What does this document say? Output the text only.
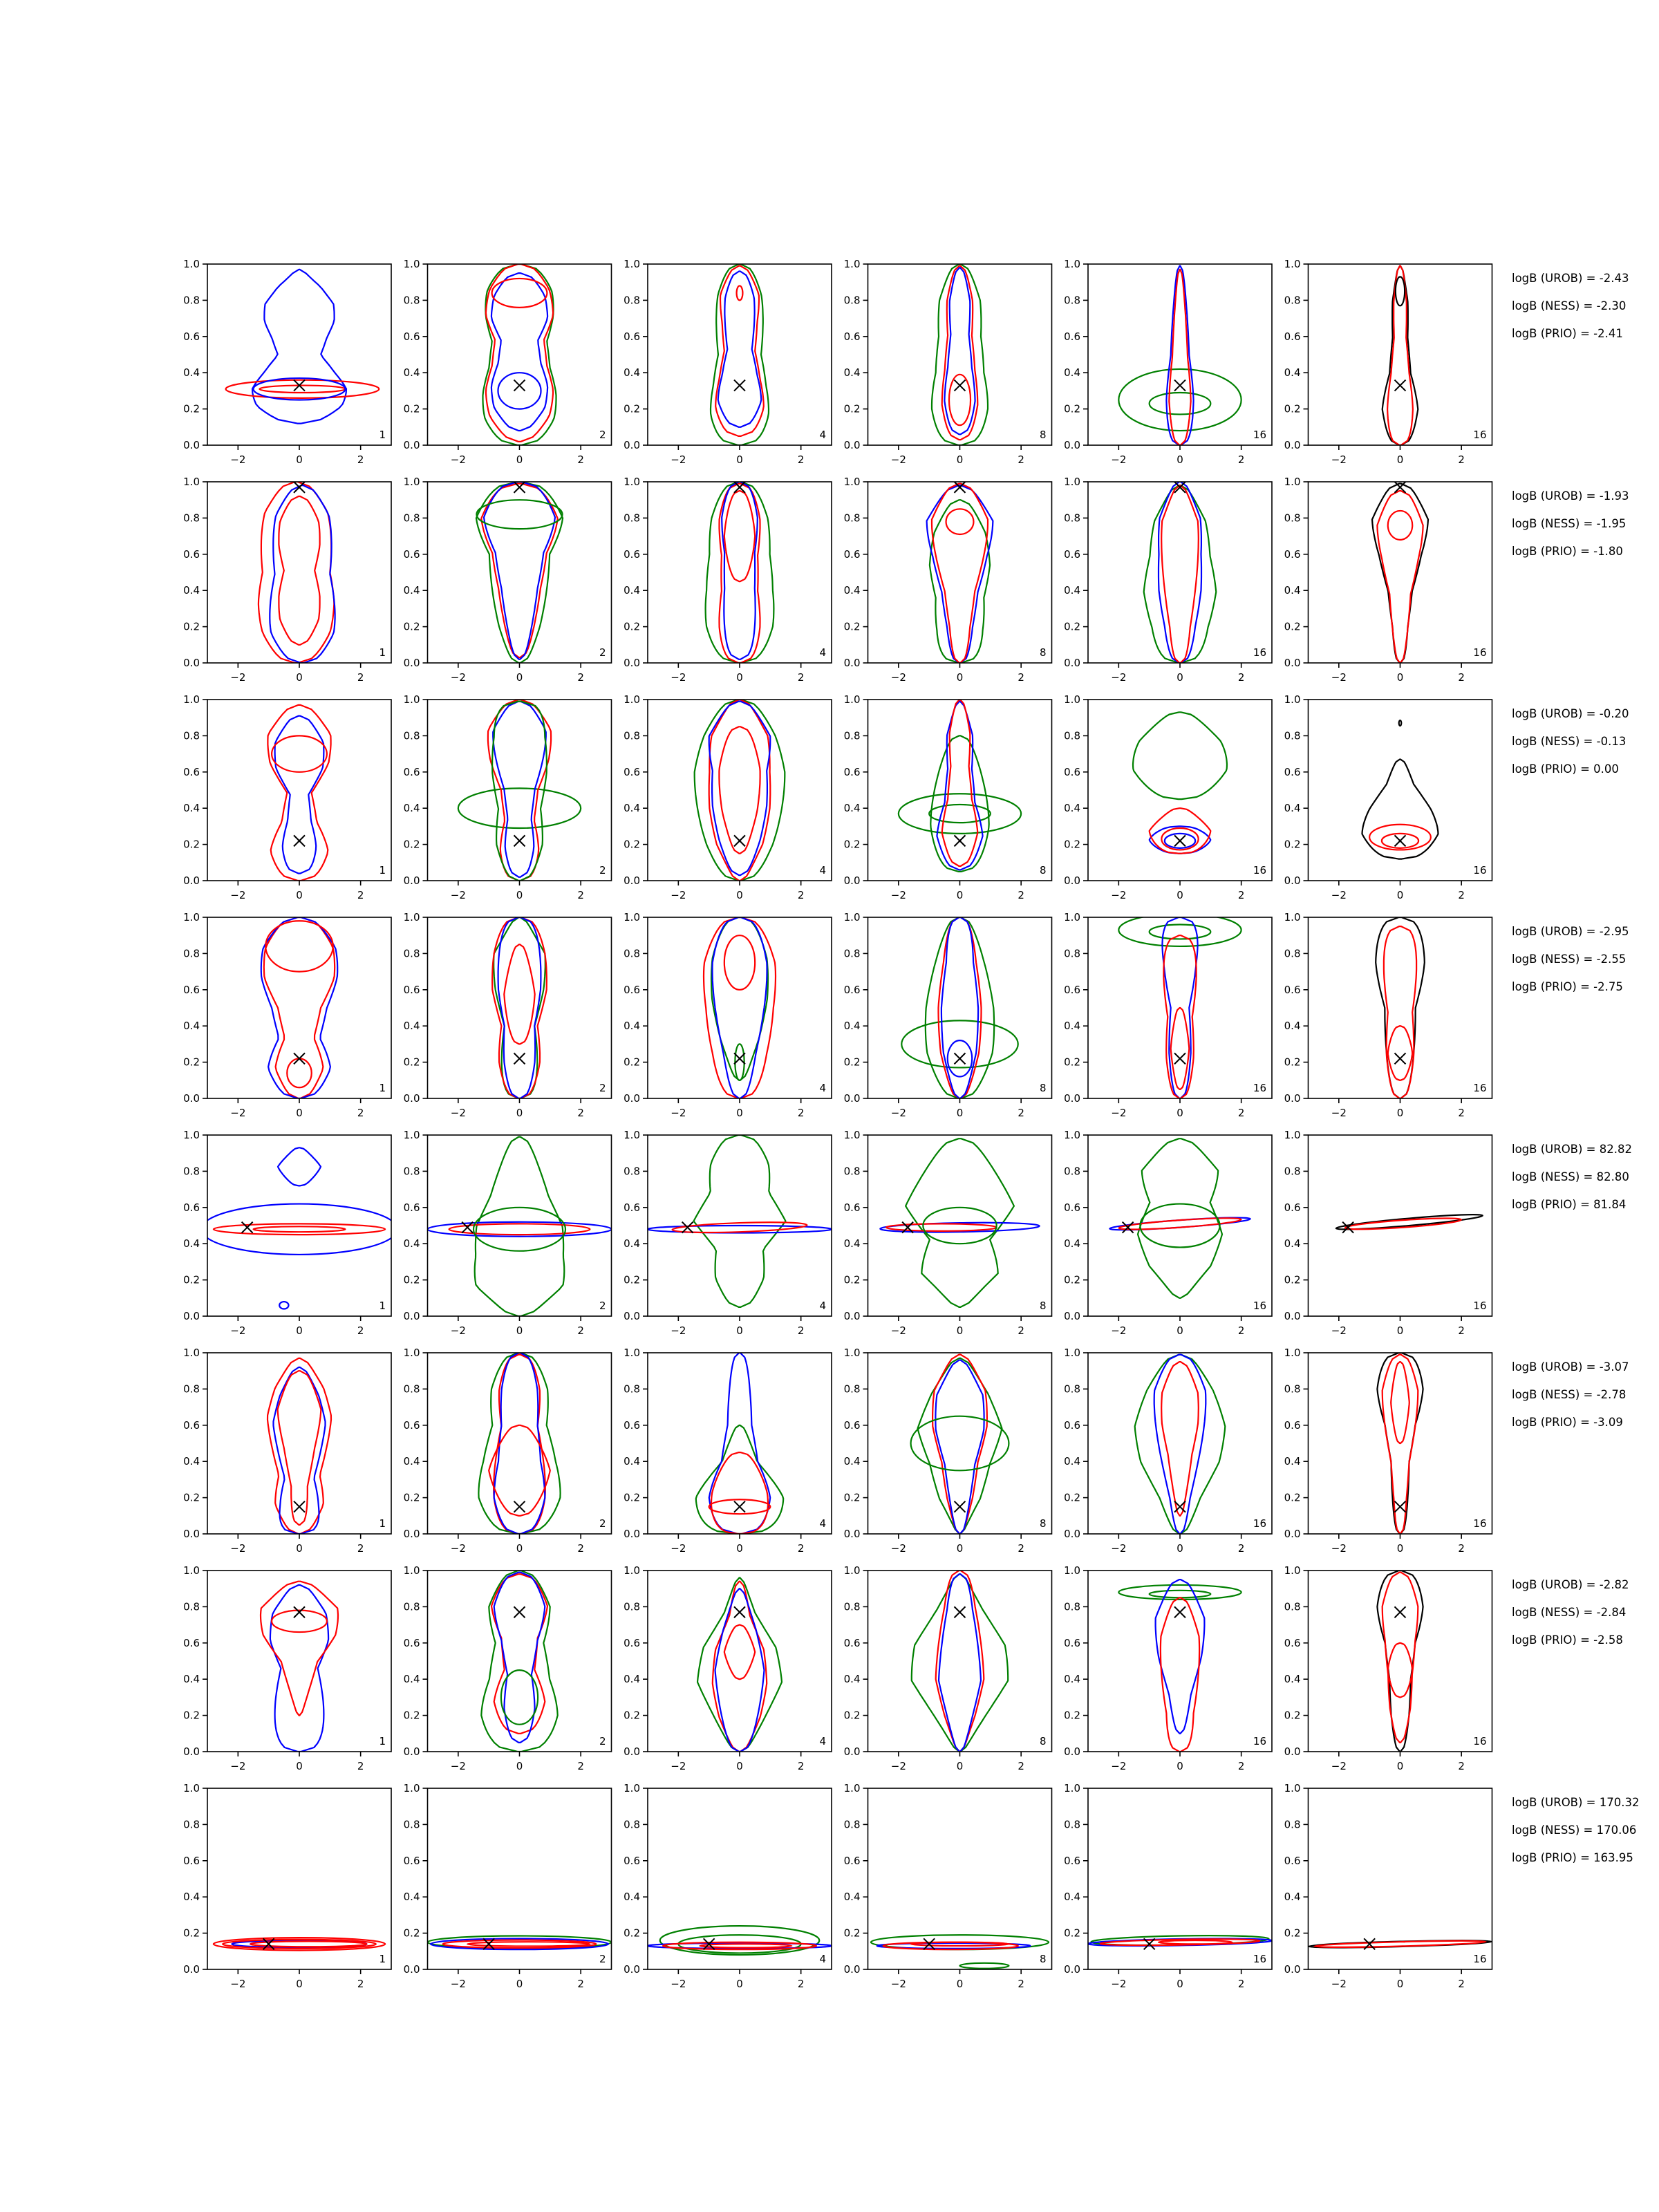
0.0
0.2
0.4
0.6
0.8
1.0
−2	0	2
1
0.0
0.2
0.4
0.6
0.8
1.0
−2	0	2
2
0.0
0.2
0.4
0.6
0.8
1.0
−2	0	2
4
0.0
0.2
0.4
0.6
0.8
1.0
−2	0	2
8
0.0
0.2
0.4
0.6
0.8
1.0
−2	0	2
16
0.0
0.2
0.4
0.6
0.8
1.0
−2	0	2
16
logB (UROB) = -2.43
logB (NESS) = -2.30
logB (PRIO) = -2.41
0.0
0.2
0.4
0.6
0.8
1.0
−2	0	2
1
0.0
0.2
0.4
0.6
0.8
1.0
−2	0	2
2
0.0
0.2
0.4
0.6
0.8
1.0
−2	0	2
4
0.0
0.2
0.4
0.6
0.8
1.0
−2	0	2
8
0.0
0.2
0.4
0.6
0.8
1.0
−2	0	2
16
0.0
0.2
0.4
0.6
0.8
1.0
−2	0	2
16
logB (UROB) = -1.93
logB (NESS) = -1.95
logB (PRIO) = -1.80
0.0
0.2
0.4
0.6
0.8
1.0
−2	0	2
1
0.0
0.2
0.4
0.6
0.8
1.0
−2	0	2
2
0.0
0.2
0.4
0.6
0.8
1.0
−2	0	2
4
0.0
0.2
0.4
0.6
0.8
1.0
−2	0	2
8
0.0
0.2
0.4
0.6
0.8
1.0
−2	0	2
16
0.0
0.2
0.4
0.6
0.8
1.0
−2	0	2
16
logB (UROB) = -0.20
logB (NESS) = -0.13
logB (PRIO) = 0.00
0.0
0.2
0.4
0.6
0.8
1.0
−2	0	2
1
0.0
0.2
0.4
0.6
0.8
1.0
−2	0	2
2
0.0
0.2
0.4
0.6
0.8
1.0
−2	0	2
4
0.0
0.2
0.4
0.6
0.8
1.0
−2	0	2
8
0.0
0.2
0.4
0.6
0.8
1.0
−2	0	2
16
0.0
0.2
0.4
0.6
0.8
1.0
−2	0	2
16
logB (UROB) = -2.95
logB (NESS) = -2.55
logB (PRIO) = -2.75
0.0
0.2
0.4
0.6
0.8
1.0
−2	0	2
1
0.0
0.2
0.4
0.6
0.8
1.0
−2	0	2
2
0.0
0.2
0.4
0.6
0.8
1.0
−2	0	2
4
0.0
0.2
0.4
0.6
0.8
1.0
−2	0	2
8
0.0
0.2
0.4
0.6
0.8
1.0
−2	0	2
16
0.0
0.2
0.4
0.6
0.8
1.0
−2	0	2
16
logB (UROB) = 82.82
logB (NESS) = 82.80
logB (PRIO) = 81.84
0.0
0.2
0.4
0.6
0.8
1.0
−2	0	2
1
0.0
0.2
0.4
0.6
0.8
1.0
−2	0	2
2
0.0
0.2
0.4
0.6
0.8
1.0
−2	0	2
4
0.0
0.2
0.4
0.6
0.8
1.0
−2	0	2
8
0.0
0.2
0.4
0.6
0.8
1.0
−2	0	2
16
0.0
0.2
0.4
0.6
0.8
1.0
−2	0	2
16
logB (UROB) = -3.07
logB (NESS) = -2.78
logB (PRIO) = -3.09
0.0
0.2
0.4
0.6
0.8
1.0
−2	0	2
1
0.0
0.2
0.4
0.6
0.8
1.0
−2	0	2
2
0.0
0.2
0.4
0.6
0.8
1.0
−2	0	2
4
0.0
0.2
0.4
0.6
0.8
1.0
−2	0	2
8
0.0
0.2
0.4
0.6
0.8
1.0
−2	0	2
16
0.0
0.2
0.4
0.6
0.8
1.0
−2	0	2
16
logB (UROB) = -2.82
logB (NESS) = -2.84
logB (PRIO) = -2.58
0.0
0.2
0.4
0.6
0.8
1.0
−2	0	2
1
0.0
0.2
0.4
0.6
0.8
1.0
−2	0	2
2
0.0
0.2
0.4
0.6
0.8
1.0
−2	0	2
4
0.0
0.2
0.4
0.6
0.8
1.0
−2	0	2
8
0.0
0.2
0.4
0.6
0.8
1.0
−2	0	2
16
0.0
0.2
0.4
0.6
0.8
1.0
−2	0	2
16
logB (UROB) = 170.32
logB (NESS) = 170.06
logB (PRIO) = 163.95
